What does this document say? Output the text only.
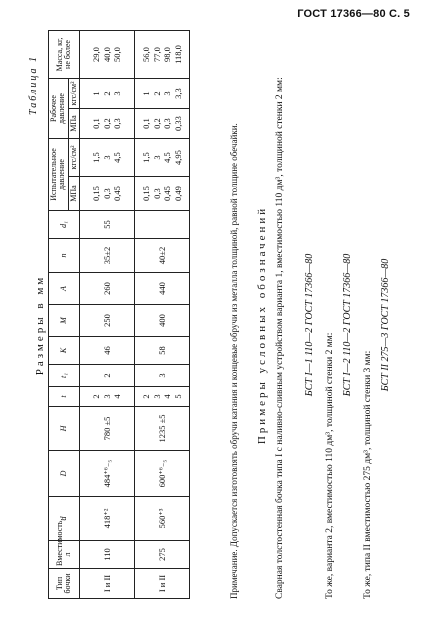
ГОСТ 17366—80 С. 5
Таблица 1
Размеры в мм
Тип бочки	Вместимость, л	d	D	H	t	t₁	K	M	A	n	d₁	Испытательное давление		Рабочее давление		Масса, кг, не более
												МПа	кгс/см²	МПа	кгс/см²	
I и II	110	418⁺²	484⁺⁶₋₅	780 ±5	2 3 4	2	46	250	260	35±2	55	0,15 0,3 0,45	1,5 3 4,5	0,1 0,2 0,3	1 2 3	29,0 40,0 50,0

I и II	275	560⁺³	600⁺⁶₋₅	1235 ±5	2 3 4 5	3	58	400	440	40±2		0,15 0,3 0,45 0,49	1,5 3 4,5 4,95	0,1 0,2 0,3 0,33	1 2 3 3,3	56,0 77,0 98,0 118,0
Примечание. Допускается изготовлять обручи катания и концевые обручи из металла толщиной, равной толщине обечайки. Примеры условных обозначений Сварная толстостенная бочка типа I с наливно-сливным устройством варианта 1, вместимостью 110 дм³, толщиной стенки 2 мм: БСТ I—1 110—2 ГОСТ 17366—80
То же, варианта 2, вместимостью 110 дм³, толщиной стенки 2 мм:
БСТ I—2 110—2 ГОСТ 17366—80
То же, типа II вместимостью 275 дм³, толщиной стенки 3 мм:
БСТ II 275—3 ГОСТ 17366—80
